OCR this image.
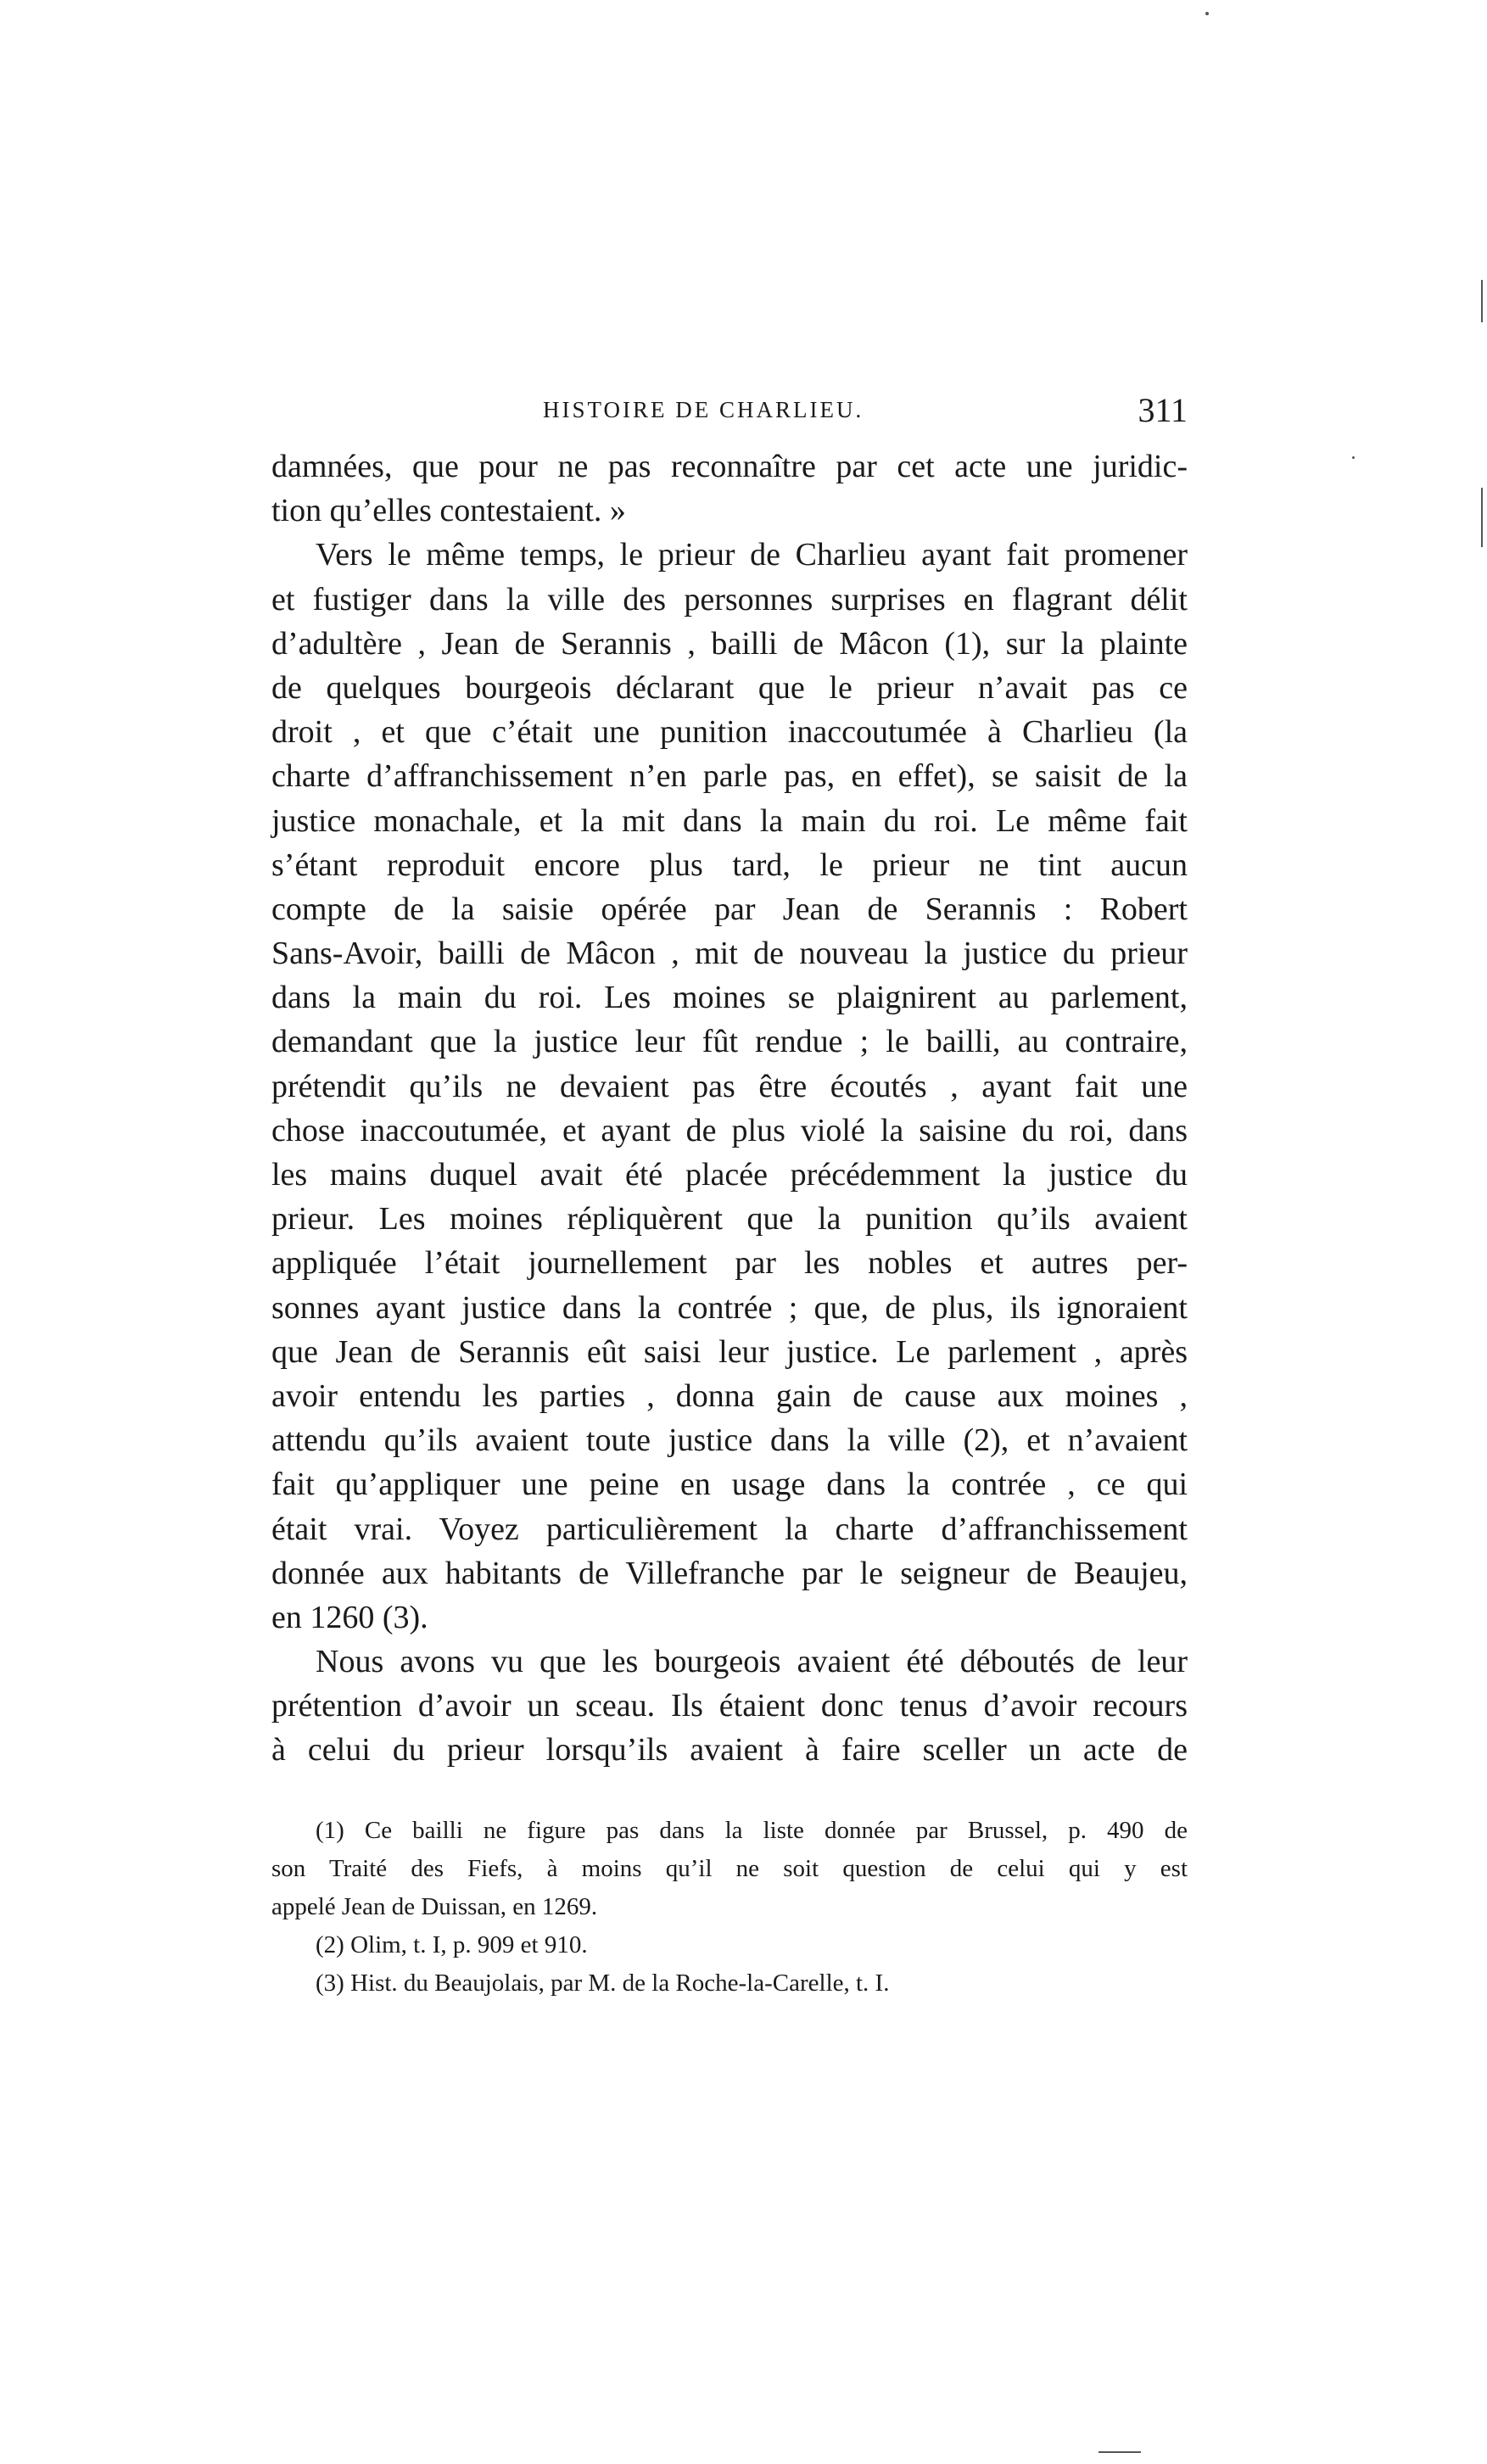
HISTOIRE DE CHARLIEU.	311
damnées, que pour ne pas reconnaître par cet acte une juridic-
tion qu’elles contestaient. »
Vers le même temps, le prieur de Charlieu ayant fait promener
et fustiger dans la ville des personnes surprises en flagrant délit
d’adultère , Jean de Serannis , bailli de Mâcon (1), sur la plainte
de quelques bourgeois déclarant que le prieur n’avait pas ce
droit , et que c’était une punition inaccoutumée à Charlieu (la
charte d’affranchissement n’en parle pas, en effet), se saisit de la
justice monachale, et la mit dans la main du roi. Le même fait
s’étant reproduit encore plus tard, le prieur ne tint aucun
compte de la saisie opérée par Jean de Serannis : Robert
Sans-Avoir, bailli de Mâcon , mit de nouveau la justice du prieur
dans la main du roi. Les moines se plaignirent au parlement,
demandant que la justice leur fût rendue ; le bailli, au contraire,
prétendit qu’ils ne devaient pas être écoutés , ayant fait une
chose inaccoutumée, et ayant de plus violé la saisine du roi, dans
les mains duquel avait été placée précédemment la justice du
prieur. Les moines répliquèrent que la punition qu’ils avaient
appliquée l’était journellement par les nobles et autres per-
sonnes ayant justice dans la contrée ; que, de plus, ils ignoraient
que Jean de Serannis eût saisi leur justice. Le parlement , après
avoir entendu les parties , donna gain de cause aux moines ,
attendu qu’ils avaient toute justice dans la ville (2), et n’avaient
fait qu’appliquer une peine en usage dans la contrée , ce qui
était vrai. Voyez particulièrement la charte d’affranchissement
donnée aux habitants de Villefranche par le seigneur de Beaujeu,
en 1260 (3).
Nous avons vu que les bourgeois avaient été déboutés de leur
prétention d’avoir un sceau. Ils étaient donc tenus d’avoir recours
à celui du prieur lorsqu’ils avaient à faire sceller un acte de
(1) Ce bailli ne figure pas dans la liste donnée par Brussel, p. 490 de
son Traité des Fiefs, à moins qu’il ne soit question de celui qui y est
appelé Jean de Duissan, en 1269.
(2) Olim, t. I, p. 909 et 910.
(3) Hist. du Beaujolais, par M. de la Roche-la-Carelle, t. I.
